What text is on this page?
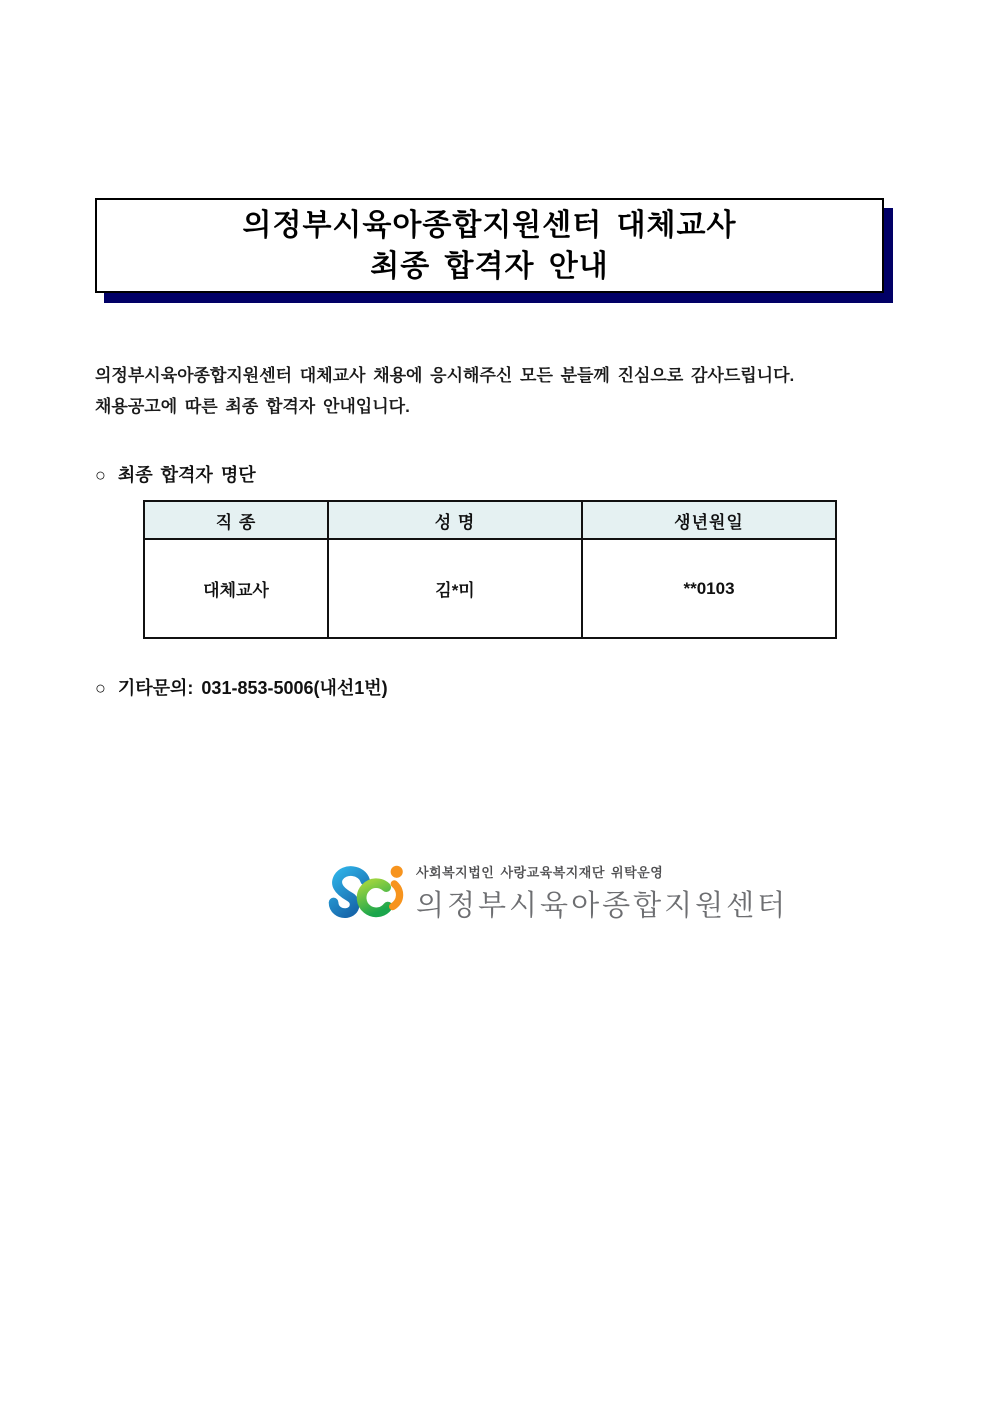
의정부시육아종합지원센터 대체교사
최종 합격자 안내
의정부시육아종합지원센터 대체교사 채용에 응시해주신 모든 분들께 진심으로 감사드립니다.
채용공고에 따른 최종 합격자 안내입니다.
○ 최종 합격자 명단
직 종	성 명	생년원일
대체교사	김*미	**0103
○ 기타문의: 031-853-5006(내선1번)
사회복지법인 사랑교육복지재단 위탁운영
의정부시육아종합지원센터
